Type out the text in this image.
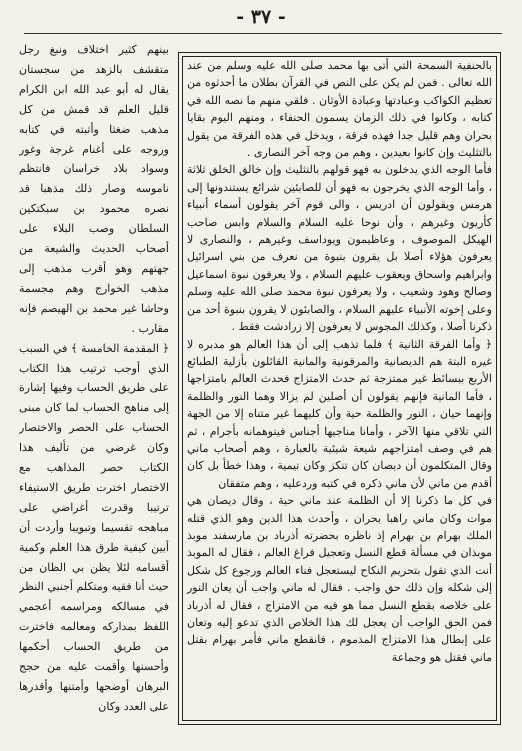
- ٣٧ -

بالحنفية السمحة التي أتى بها محمد صلى الله عليه وسلم من عند الله تعالى . فمن لم يكن على النص في القرآن بطلان ما أحدثوه من تعظيم الكواكب وعبادتها وعبادة الأوثان . فلقي منهم ما نصه الله في كتابه ، وكانوا في ذلك الزمان يسمون الحنفاء ، ومنهم اليوم بقايا بحران وهم قليل جدا فهذه فرقة ، ويدخل في هذه الفرقة من يقول بالتثليث وإن كانوا بعيدين ، وهم من وجه آخر النصارى .

فأما الوجه الذي يدخلون به فهو قولهم بالتثليث وإن خالق الخلق ثلاثة ، وأما الوجه الذي يخرجون به فهو أن للصابئين شرائع يستندونها إلى هرمس ويقولون أن ادريس ، والى قوم آخر يقولون أسماء أنبياء كأريون وغيرهم ، وأن نوحا عليه السلام والسلام وابس صاحب الهيكل الموصوف ، وعاظيمون ويوداسف وغيرهم ، والنصارى لا يعرفون هؤلاء أصلا بل يقرون بنبوة من نعرف من بني اسرائيل وابراهيم واسحاق ويعقوب عليهم السلام ، ولا يعرفون نبوة اسماعيل وصالح وهود وشعيب ، ولا يعرفون نبوة محمد صلى الله عليه وسلم وعلى إخوته الأنبياء عليهم السلام ، والصابئون لا يقرون بنبوة أحد من ذكرنا أصلا ، وكذلك المجوس لا يعرفون إلا زرادشت فقط .

﴿ وأما الفرقة الثانية ﴾ فلما تذهب إلى أن هذا العالم هو مدبره لا غيره البتة هم الديصانية والمرقونية والمانية القائلون بأزلية الطبائع الأربع ببسائط غير ممتزجة ثم حدث الامتزاج فحدث العالم بامتزاجها ، فأما المانية فإنهم يقولون أن أصلين لم يزالا وهما النور والظلمة وإنهما حيان ، النور والظلمة حية وأن كليهما غير متناه إلا من الجهة التي تلاقي منها الآخر ، وأمانا مناجيها أجناس فيتوهمانه بأجرام ، ثم هم في وصف امتزاجهم شيعة شيئية بالعبارة ، وهم أصحاب ماني وقال المتكلمون أن ديصان كان تنكز وكان تيمية ، وهذا خطأ بل كان أقدم من ماني لأن ماني ذكره في كتبه وردعليه ، وهم متفقان

في كل ما ذكرنا إلا أن الظلمة عند ماني حية ، وقال ديصان هي موات وكان ماني راهبا بحران ، وأحدث هذا الدين وهو الذي قتله الملك بهرام بن بهرام إذ ناظره بحضرته أذرباد بن مارسفند موبذ موبذان في مسألة قطع النسل وتعجيل فراغ العالم ، فقال له الموبذ أنت الذي تقول بتحريم النكاح ليستعجل فناء العالم ورجوع كل شكل إلى شكله وإن ذلك حق واجب . فقال له ماني واجب أن يعان النور على خلاصه بقطع النسل مما هو فيه من الامتزاج ، فقال له أذرباد فمن الحق الواجب أن يعجل لك هذا الخلاص الذي تدعو إليه وتعان على إبطال هذا الامتزاج المذموم ، فانقطع ماني فأمر بهرام بقتل ماني فقتل هو وجماعة

بينهم كثير اختلاف ونبغ رجل متقشف بالزهد من سجستان يقال له أبو عبد الله ابن الكرام قليل العلم قد قمش من كل مذهب ضغثا وأثبته في كتابه وروجه على أغنام غرجة وغور وسواد بلاد خراسان فانتظم ناموسه وصار ذلك مذهبا قد نصره محمود بن سبكتكين السلطان وصب البلاء على أصحاب الحديث والشيعة من جهتهم وهو أقرب مذهب إلى مذهب الخوارج وهم مجسمة وحاشا غير محمد بن الهيصم فإنه مقارب .

﴿ المقدمة الخامسة ﴾ في السبب الذي أوجب ترتيب هذا الكتاب على طريق الحساب وفيها إشارة إلى مناهج الحساب لما كان مبنى الحساب على الحصر والاختصار وكان غرضي من تأليف هذا الكتاب حصر المذاهب مع الاختصار اخترت طريق الاستيفاء ترتيبا وقدرت أغراضي على مباهجه تقسيما وتبويبا وأردت أن أبين كيفية طرق هذا العلم وكمية أقسامه لئلا يظن بي الظان من حيث أنا فقيه ومتكلم أجنبي النظر في مسالكه ومراسمه أعجمي اللفظ بمداركه ومعالمه فاخترت من طريق الحساب أحكمها وأحسنها وأقمت عليه من حجج البرهان أوضحها وأمتنها وأقدرها على العدد وكان
